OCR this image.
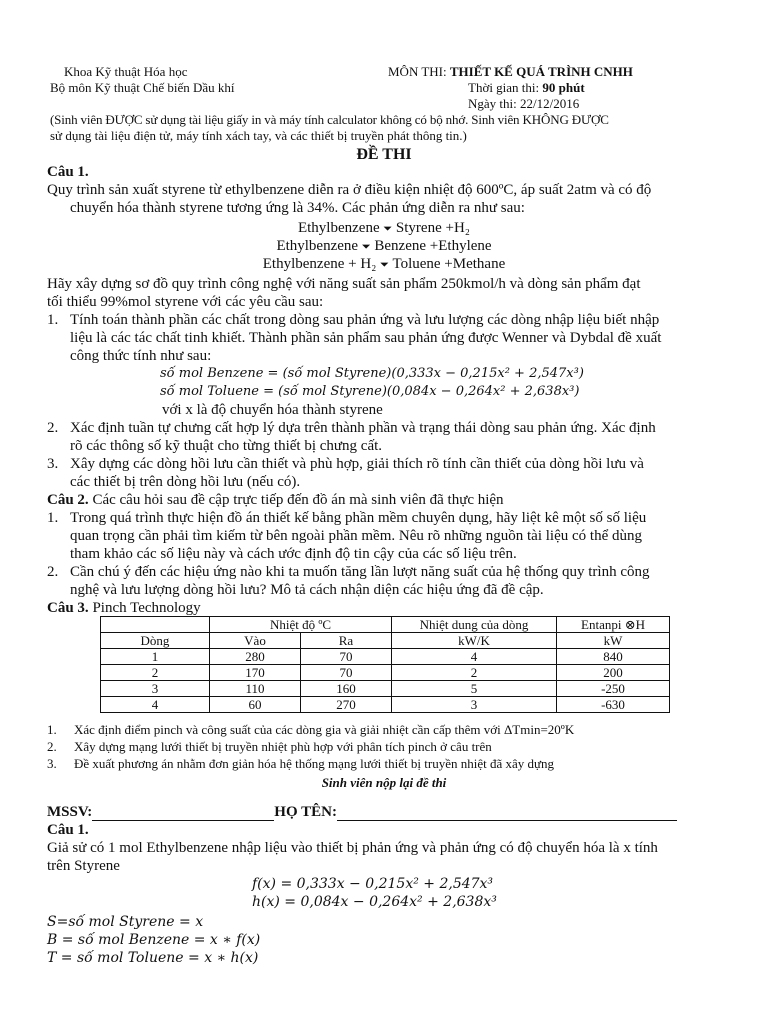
Khoa Kỹ thuật Hóa học
Bộ môn Kỹ thuật Chế biến Dầu khí
MÔN THI: THIẾT KẾ QUÁ TRÌNH CNHH
Thời gian thi: 90 phút
Ngày thi: 22/12/2016
(Sinh viên ĐƯỢC sử dụng tài liệu giấy in và máy tính calculator không có bộ nhớ. Sinh viên KHÔNG ĐƯỢC
sử dụng tài liệu điện tử, máy tính xách tay, và các thiết bị truyền phát thông tin.)
ĐỀ THI
Câu 1.
Quy trình sản xuất styrene từ ethylbenzene diễn ra ở điều kiện nhiệt độ 600ºC, áp suất 2atm và có độ
chuyển hóa thành styrene tương ứng là 34%. Các phản ứng diễn ra như sau:
Ethylbenzene ⏷ Styrene +H₂
Ethylbenzene ⏷ Benzene +Ethylene
Ethylbenzene + H₂ ⏷ Toluene +Methane
Hãy xây dựng sơ đồ quy trình công nghệ với năng suất sản phẩm 250kmol/h và dòng sản phẩm đạt
tối thiểu 99%mol styrene với các yêu cầu sau:
1. Tính toán thành phần các chất trong dòng sau phản ứng và lưu lượng các dòng nhập liệu biết nhập
liệu là các tác chất tinh khiết. Thành phần sản phẩm sau phản ứng được Wenner và Dybdal đề xuất
công thức tính như sau:
số mol Benzene = (số mol Styrene)(0,333x − 0,215x² + 2,547x³)
số mol Toluene = (số mol Styrene)(0,084x − 0,264x² + 2,638x³)
với x là độ chuyển hóa thành styrene
2. Xác định tuần tự chưng cất hợp lý dựa trên thành phần và trạng thái dòng sau phản ứng. Xác định
rõ các thông số kỹ thuật cho từng thiết bị chưng cất.
3. Xây dựng các dòng hồi lưu cần thiết và phù hợp, giải thích rõ tính cần thiết của dòng hồi lưu và
các thiết bị trên dòng hồi lưu (nếu có).
Câu 2. Các câu hỏi sau đề cập trực tiếp đến đồ án mà sinh viên đã thực hiện
1. Trong quá trình thực hiện đồ án thiết kế bằng phần mềm chuyên dụng, hãy liệt kê một số số liệu
quan trọng cần phải tìm kiếm từ bên ngoài phần mềm. Nêu rõ những nguồn tài liệu có thể dùng
tham khảo các số liệu này và cách ước định độ tin cậy của các số liệu trên.
2. Cần chú ý đến các hiệu ứng nào khi ta muốn tăng lần lượt năng suất của hệ thống quy trình công
nghệ và lưu lượng dòng hồi lưu? Mô tả cách nhận diện các hiệu ứng đã đề cập.
Câu 3. Pinch Technology
	Nhiệt độ ºC		Nhiệt dung của dòng	Entanpi ⊗H
Dòng	Vào	Ra	kW/K	kW
1	280	70	4	840
2	170	70	2	200
3	110	160	5	-250
4	60	270	3	-630
1. Xác định điểm pinch và công suất của các dòng gia và giải nhiệt cần cấp thêm với ΔTmin=20ºK
2. Xây dựng mạng lưới thiết bị truyền nhiệt phù hợp với phân tích pinch ở câu trên
3. Đề xuất phương án nhằm đơn giản hóa hệ thống mạng lưới thiết bị truyền nhiệt đã xây dựng
Sinh viên nộp lại đề thi
MSSV:	HỌ TÊN:
Câu 1.
Giả sử có 1 mol Ethylbenzene nhập liệu vào thiết bị phản ứng và phản ứng có độ chuyển hóa là x tính
trên Styrene
f(x) = 0,333x − 0,215x² + 2,547x³
h(x) = 0,084x − 0,264x² + 2,638x³
S=số mol Styrene = x
B = số mol Benzene = x ∗ f(x)
T = số mol Toluene = x ∗ h(x)
